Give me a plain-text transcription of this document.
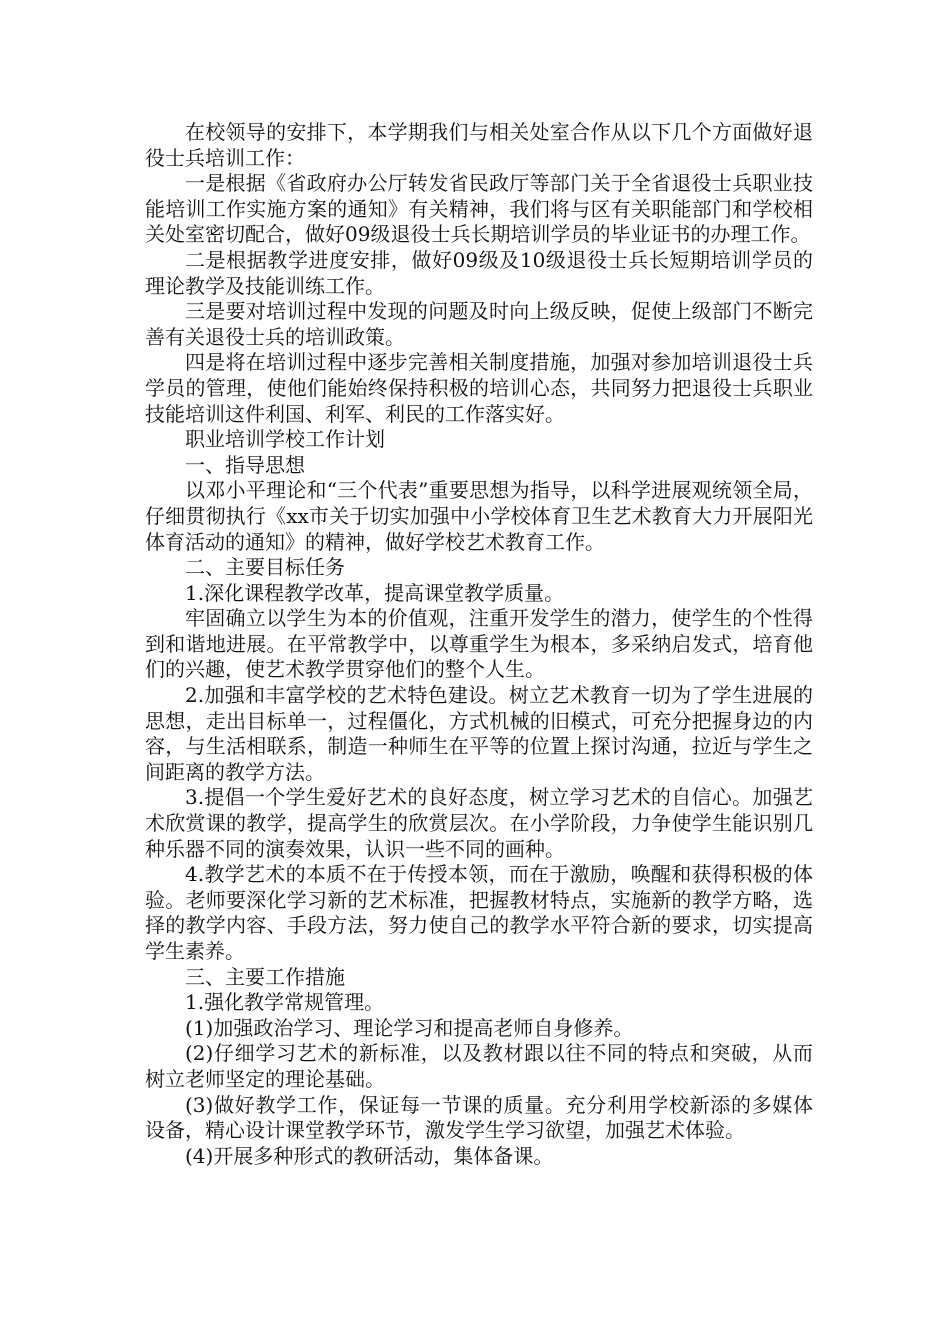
在校领导的安排下，本学期我们与相关处室合作从以下几个方面做好退役士兵培训工作：

一是根据《省政府办公厅转发省民政厅等部门关于全省退役士兵职业技能培训工作实施方案的通知》有关精神，我们将与区有关职能部门和学校相关处室密切配合，做好09级退役士兵长期培训学员的毕业证书的办理工作。

二是根据教学进度安排，做好09级及10级退役士兵长短期培训学员的理论教学及技能训练工作。

三是要对培训过程中发现的问题及时向上级反映，促使上级部门不断完善有关退役士兵的培训政策。

四是将在培训过程中逐步完善相关制度措施，加强对参加培训退役士兵学员的管理，使他们能始终保持积极的培训心态，共同努力把退役士兵职业技能培训这件利国、利军、利民的工作落实好。

职业培训学校工作计划

一、指导思想

以邓小平理论和“三个代表”重要思想为指导，以科学进展观统领全局，仔细贯彻执行《xx市关于切实加强中小学校体育卫生艺术教育大力开展阳光体育活动的通知》的精神，做好学校艺术教育工作。

二、主要目标任务

1.深化课程教学改革，提高课堂教学质量。

牢固确立以学生为本的价值观，注重开发学生的潜力，使学生的个性得到和谐地进展。在平常教学中，以尊重学生为根本，多采纳启发式，培育他们的兴趣，使艺术教学贯穿他们的整个人生。

2.加强和丰富学校的艺术特色建设。树立艺术教育一切为了学生进展的思想，走出目标单一，过程僵化，方式机械的旧模式，可充分把握身边的内容，与生活相联系，制造一种师生在平等的位置上探讨沟通，拉近与学生之间距离的教学方法。

3.提倡一个学生爱好艺术的良好态度，树立学习艺术的自信心。加强艺术欣赏课的教学，提高学生的欣赏层次。在小学阶段，力争使学生能识别几种乐器不同的演奏效果，认识一些不同的画种。

4.教学艺术的本质不在于传授本领，而在于激励，唤醒和获得积极的体验。老师要深化学习新的艺术标准，把握教材特点，实施新的教学方略，选择的教学内容、手段方法，努力使自己的教学水平符合新的要求，切实提高学生素养。

三、主要工作措施

1.强化教学常规管理。

(1)加强政治学习、理论学习和提高老师自身修养。

(2)仔细学习艺术的新标准，以及教材跟以往不同的特点和突破，从而树立老师坚定的理论基础。

(3)做好教学工作，保证每一节课的质量。充分利用学校新添的多媒体设备，精心设计课堂教学环节，激发学生学习欲望，加强艺术体验。

(4)开展多种形式的教研活动，集体备课。
